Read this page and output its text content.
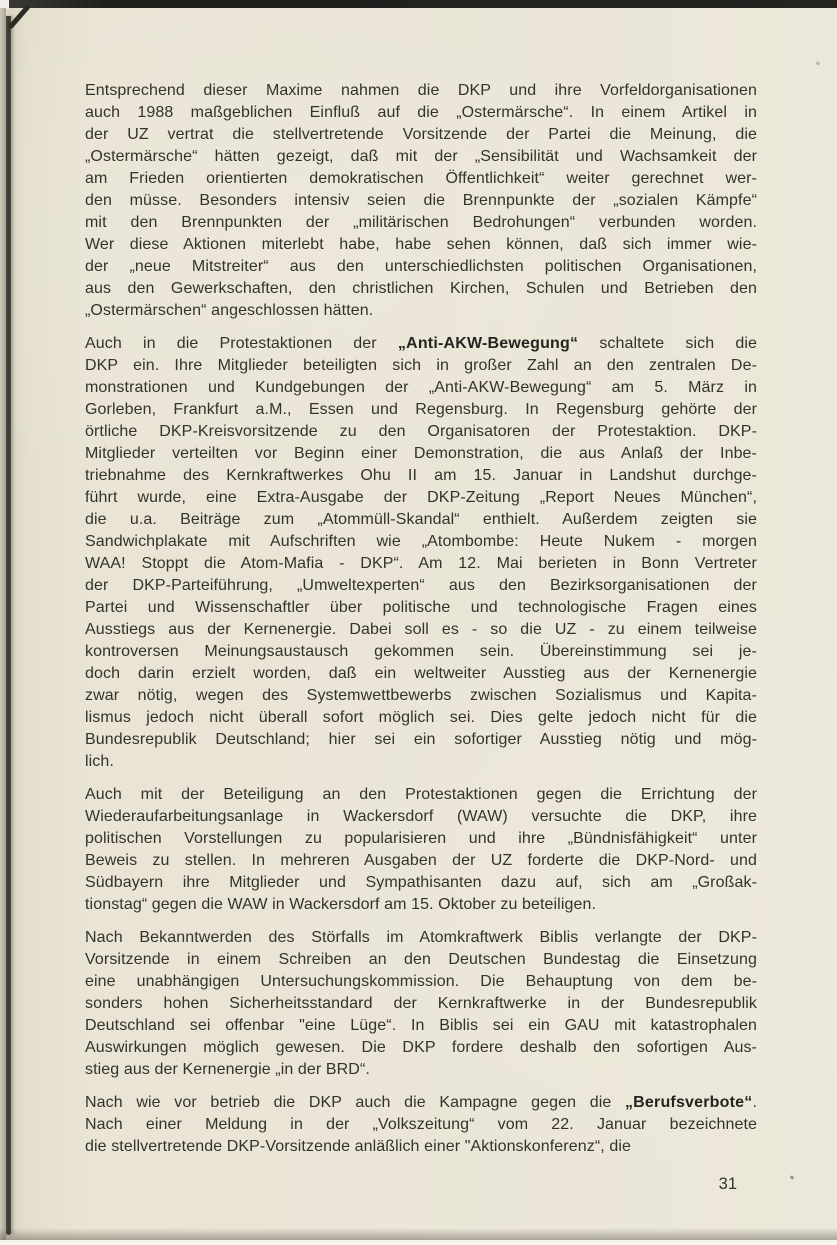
Entsprechend dieser Maxime nahmen die DKP und ihre Vorfeldorganisationen
auch 1988 maßgeblichen Einfluß auf die „Ostermärsche“. In einem Artikel in
der UZ vertrat die stellvertretende Vorsitzende der Partei die Meinung, die
„Ostermärsche“ hätten gezeigt, daß mit der „Sensibilität und Wachsamkeit der
am Frieden orientierten demokratischen Öffentlichkeit“ weiter gerechnet wer-
den müsse. Besonders intensiv seien die Brennpunkte der „sozialen Kämpfe“
mit den Brennpunkten der „militärischen Bedrohungen“ verbunden worden.
Wer diese Aktionen miterlebt habe, habe sehen können, daß sich immer wie-
der „neue Mitstreiter“ aus den unterschiedlichsten politischen Organisationen,
aus den Gewerkschaften, den christlichen Kirchen, Schulen und Betrieben den
„Ostermärschen“ angeschlossen hätten.
Auch in die Protestaktionen der „Anti-AKW-Bewegung“ schaltete sich die
DKP ein. Ihre Mitglieder beteiligten sich in großer Zahl an den zentralen De-
monstrationen und Kundgebungen der „Anti-AKW-Bewegung“ am 5. März in
Gorleben, Frankfurt a.M., Essen und Regensburg. In Regensburg gehörte der
örtliche DKP-Kreisvorsitzende zu den Organisatoren der Protestaktion. DKP-
Mitglieder verteilten vor Beginn einer Demonstration, die aus Anlaß der Inbe-
triebnahme des Kernkraftwerkes Ohu II am 15. Januar in Landshut durchge-
führt wurde, eine Extra-Ausgabe der DKP-Zeitung „Report Neues München“,
die u.a. Beiträge zum „Atommüll-Skandal“ enthielt. Außerdem zeigten sie
Sandwichplakate mit Aufschriften wie „Atombombe: Heute Nukem - morgen
WAA! Stoppt die Atom-Mafia - DKP“. Am 12. Mai berieten in Bonn Vertreter
der DKP-Parteiführung, „Umweltexperten“ aus den Bezirksorganisationen der
Partei und Wissenschaftler über politische und technologische Fragen eines
Ausstiegs aus der Kernenergie. Dabei soll es - so die UZ - zu einem teilweise
kontroversen Meinungsaustausch gekommen sein. Übereinstimmung sei je-
doch darin erzielt worden, daß ein weltweiter Ausstieg aus der Kernenergie
zwar nötig, wegen des Systemwettbewerbs zwischen Sozialismus und Kapita-
lismus jedoch nicht überall sofort möglich sei. Dies gelte jedoch nicht für die
Bundesrepublik Deutschland; hier sei ein sofortiger Ausstieg nötig und mög-
lich.
Auch mit der Beteiligung an den Protestaktionen gegen die Errichtung der
Wiederaufarbeitungsanlage in Wackersdorf (WAW) versuchte die DKP, ihre
politischen Vorstellungen zu popularisieren und ihre „Bündnisfähigkeit“ unter
Beweis zu stellen. In mehreren Ausgaben der UZ forderte die DKP-Nord- und
Südbayern ihre Mitglieder und Sympathisanten dazu auf, sich am „Großak-
tionstag“ gegen die WAW in Wackersdorf am 15. Oktober zu beteiligen.
Nach Bekanntwerden des Störfalls im Atomkraftwerk Biblis verlangte der DKP-
Vorsitzende in einem Schreiben an den Deutschen Bundestag die Einsetzung
eine unabhängigen Untersuchungskommission. Die Behauptung von dem be-
sonders hohen Sicherheitsstandard der Kernkraftwerke in der Bundesrepublik
Deutschland sei offenbar "eine Lüge“. In Biblis sei ein GAU mit katastrophalen
Auswirkungen möglich gewesen. Die DKP fordere deshalb den sofortigen Aus-
stieg aus der Kernenergie „in der BRD“.
Nach wie vor betrieb die DKP auch die Kampagne gegen die „Berufsverbote“.
Nach einer Meldung in der „Volkszeitung“ vom 22. Januar bezeichnete
die stellvertretende DKP-Vorsitzende anläßlich einer "Aktionskonferenz“, die
31
